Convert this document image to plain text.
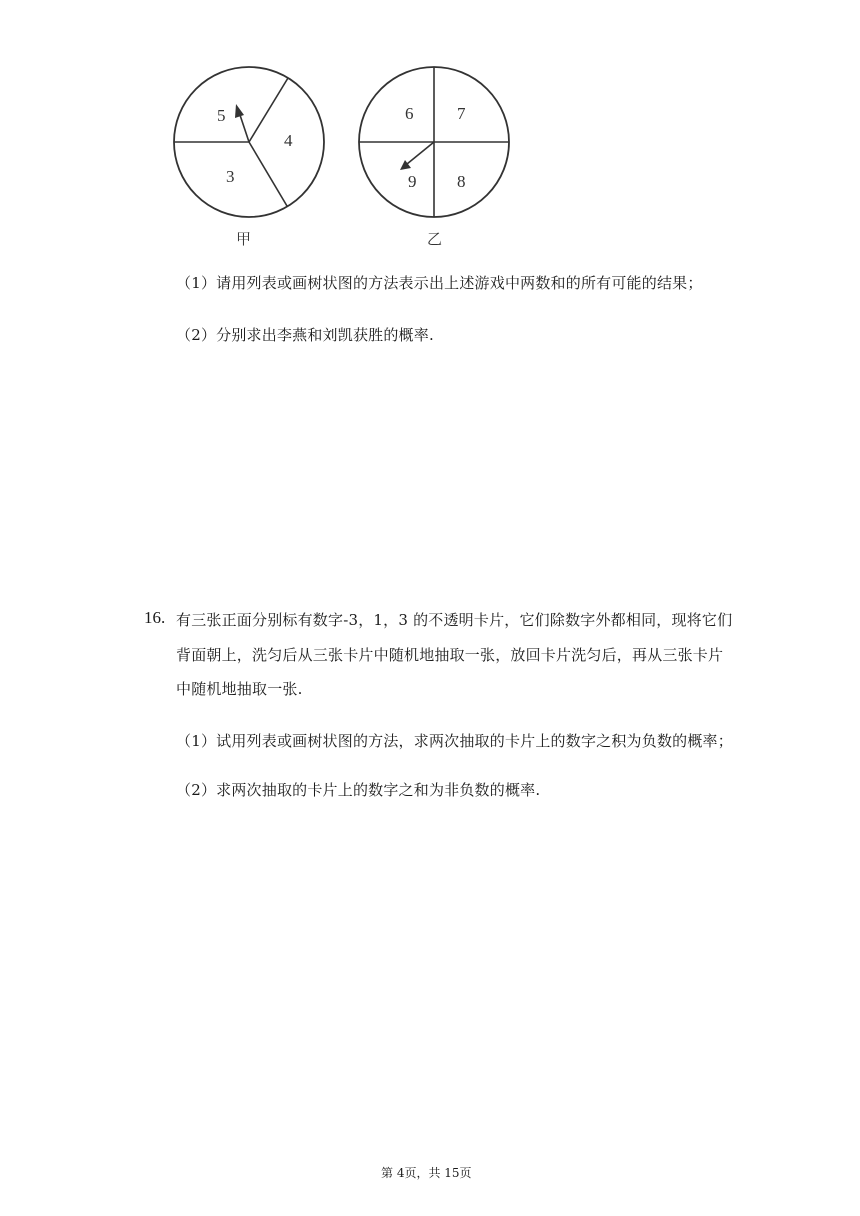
5
4
3
甲
6	7
9 8
乙
（1）请用列表或画树状图的方法表示出上述游戏中两数和的所有可能的结果；
（2）分别求出李燕和刘凯获胜的概率.
16. 有三张正面分别标有数字-3，1，3 的不透明卡片，它们除数字外都相同，现将它们
背面朝上，洗匀后从三张卡片中随机地抽取一张，放回卡片洗匀后，再从三张卡片
中随机地抽取一张.
（1）试用列表或画树状图的方法，求两次抽取的卡片上的数字之积为负数的概率；
（2）求两次抽取的卡片上的数字之和为非负数的概率.
第 4页，共 15页
